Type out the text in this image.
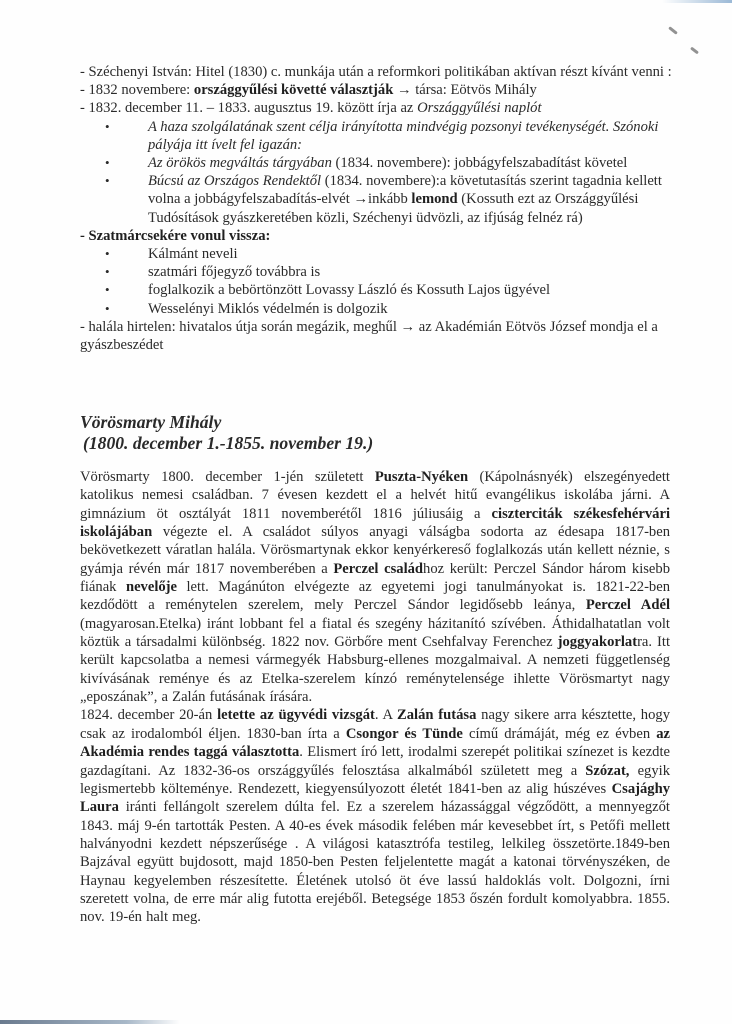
- Széchenyi István: Hitel (1830) c. munkája után a reformkori politikában aktívan részt kívánt venni :

- 1832 novembere: országgyűlési követté választják → társa: Eötvös Mihály

- 1832. december 11. – 1833. augusztus 19. között írja az Országgyűlési naplót

• A haza szolgálatának szent célja irányította mindvégig pozsonyi tevékenységét. Szónoki pályája itt ívelt fel igazán:
• Az örökös megváltás tárgyában (1834. novembere): jobbágyfelszabadítást követel
• Búcsú az Országos Rendektől (1834. novembere):a követutasítás szerint tagadnia kellett volna a jobbágyfelszabadítás-elvét →inkább lemond (Kossuth ezt az Országgyűlési Tudósítások gyászkeretében közli, Széchenyi üdvözli, az ifjúság felnéz rá)

- Szatmárcsekére vonul vissza:

• Kálmánt neveli
• szatmári főjegyző továbbra is
• foglalkozik a bebörtönzött Lovassy László és Kossuth Lajos ügyével
• Wesselényi Miklós védelmén is dolgozik

- halála hirtelen: hivatalos útja során megázik, meghűl → az Akadémián Eötvös József mondja el a gyászbeszédet

Vörösmarty Mihály
(1800. december 1.-1855. november 19.)

Vörösmarty 1800. december 1-jén született Puszta-Nyéken (Kápolnásnyék) elszegényedett katolikus nemesi családban. 7 évesen kezdett el a helvét hitű evangélikus iskolába járni. A gimnázium öt osztályát 1811 novemberétől 1816 júliusáig a ciszterciták székesfehérvári iskolájában végezte el. A családot súlyos anyagi válságba sodorta az édesapa 1817-ben bekövetkezett váratlan halála. Vörösmartynak ekkor kenyérkereső foglalkozás után kellett néznie, s gyámja révén már 1817 novemberében a Perczel családhoz került: Perczel Sándor három kisebb fiának nevelője lett. Magánúton elvégezte az egyetemi jogi tanulmányokat is. 1821-22-ben kezdődött a reménytelen szerelem, mely Perczel Sándor legidősebb leánya, Perczel Adél (magyarosan.Etelka) iránt lobbant fel a fiatal és szegény házitanító szívében. Áthidalhatatlan volt köztük a társadalmi különbség. 1822 nov. Görbőre ment Csehfalvay Ferenchez joggyakorlatra. Itt került kapcsolatba a nemesi vármegyék Habsburg-ellenes mozgalmaival. A nemzeti függetlenség kivívásának reménye és az Etelka-szerelem kínzó reménytelensége ihlette Vörösmartyt nagy „eposzának”, a Zalán futásának írására.

1824. december 20-án letette az ügyvédi vizsgát. A Zalán futása nagy sikere arra késztette, hogy csak az irodalomból éljen. 1830-ban írta a Csongor és Tünde című drámáját, még ez évben az Akadémia rendes taggá választotta. Elismert író lett, irodalmi szerepét politikai színezet is kezdte gazdagítani. Az 1832-36-os országgyűlés felosztása alkalmából született meg a Szózat, egyik legismertebb költeménye. Rendezett, kiegyensúlyozott életét 1841-ben az alig húszéves Csajághy Laura iránti fellángolt szerelem dúlta fel. Ez a szerelem házassággal végződött, a mennyegzőt 1843. máj 9-én tartották Pesten. A 40-es évek második felében már kevesebbet írt, s Petőfi mellett halványodni kezdett népszerűsége . A világosi katasztrófa testileg, lelkileg összetörte.1849-ben Bajzával együtt bujdosott, majd 1850-ben Pesten feljelentette magát a katonai törvényszéken, de Haynau kegyelemben részesítette. Életének utolsó öt éve lassú haldoklás volt. Dolgozni, írni szeretett volna, de erre már alig futotta erejéből. Betegsége 1853 őszén fordult komolyabbra. 1855. nov. 19-én halt meg.
